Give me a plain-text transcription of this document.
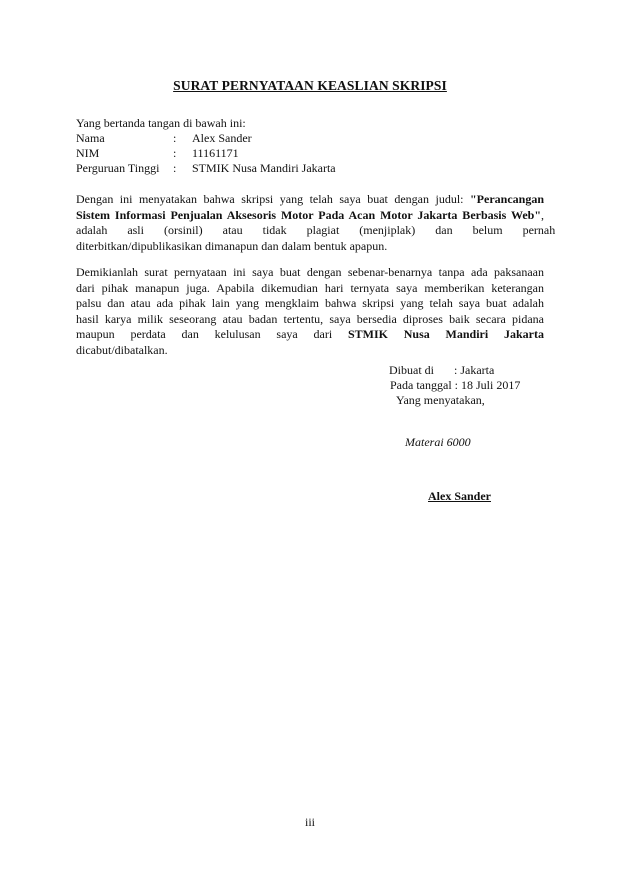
SURAT PERNYATAAN KEASLIAN SKRIPSI
Yang bertanda tangan di bawah ini:
Nama	: Alex Sander
NIM	: 11161171
Perguruan Tinggi : STMIK Nusa Mandiri Jakarta
Dengan ini menyatakan bahwa skripsi yang telah saya buat dengan judul: "Perancangan
Sistem Informasi Penjualan Aksesoris Motor Pada Acan Motor Jakarta Berbasis Web",
adalah asli (orsinil) atau tidak plagiat (menjiplak) dan belum pernah
diterbitkan/dipublikasikan dimanapun dan dalam bentuk apapun.
Demikianlah surat pernyataan ini saya buat dengan sebenar-benarnya tanpa ada paksanaan
dari pihak manapun juga. Apabila dikemudian hari ternyata saya memberikan keterangan
palsu dan atau ada pihak lain yang mengklaim bahwa skripsi yang telah saya buat adalah
hasil karya milik seseorang atau badan tertentu, saya bersedia diproses baik secara pidana
maupun perdata dan kelulusan saya dari STMIK Nusa Mandiri Jakarta
dicabut/dibatalkan.
Dibuat di : Jakarta
Pada tanggal : 18 Juli 2017
Yang menyatakan,
Materai 6000
Alex Sander
iii
